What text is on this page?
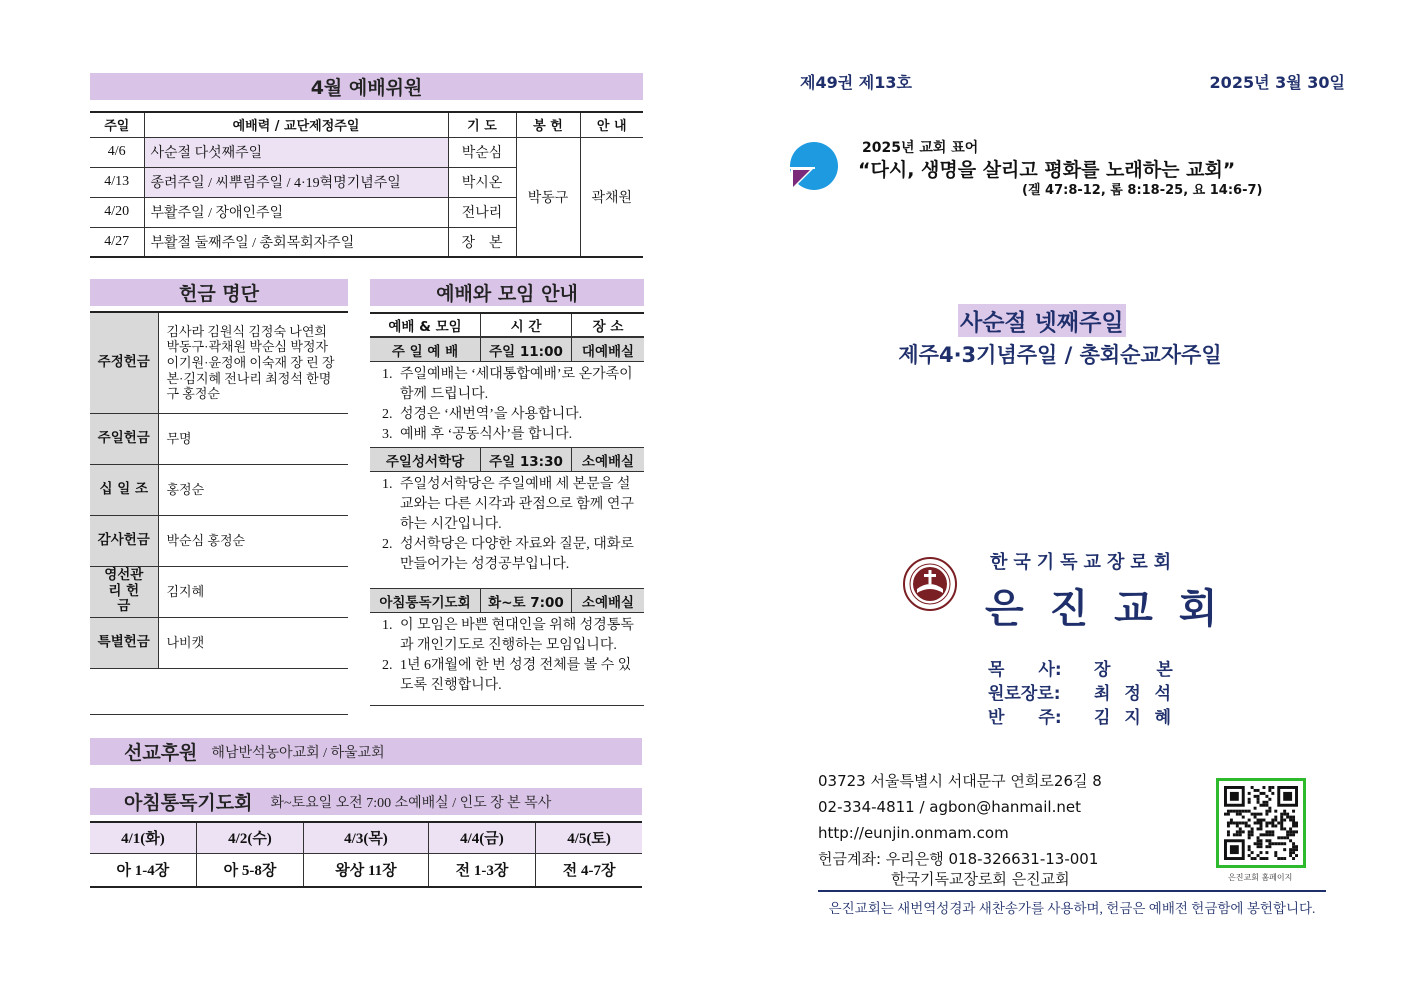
4월 예배위원
주일	예배력 / 교단제정주일	기 도	봉 헌	안 내
4/6	사순절 다섯째주일	박순심	박동구	곽채원
4/13	종려주일 / 씨뿌림주일 / 4·19혁명기념주일	박시온		
4/20	부활주일 / 장애인주일	전나리		
4/27	부활절 둘째주일 / 총회목회자주일	장　본		
헌금 명단
주정헌금	김사라 김원식 김정숙 나연희 박동구·곽채원 박순심 박정자 이기원·윤정애 이숙재 장 린 장 본·김지혜 전나리 최정석 한명구 홍정순
주일헌금	무명
십 일 조	홍정순
감사헌금	박순심 홍정순
영선관리 헌　금	김지혜
특별헌금	나비캣
예배와 모임 안내
예배 & 모임	시 간	장 소
주 일 예 배	주일 11:00	대예배실
1. 주일예배는 ‘세대통합예배’로 온가족이 함께 드립니다.
2. 성경은 ‘새번역’을 사용합니다.
3. 예배 후 ‘공동식사’를 합니다.
주일성서학당	주일 13:30	소예배실
1. 주일성서학당은 주일예배 세 본문을 설교와는 다른 시각과 관점으로 함께 연구하는 시간입니다.
2. 성서학당은 다양한 자료와 질문, 대화로 만들어가는 성경공부입니다.
아침통독기도회	화~토 7:00	소예배실
1. 이 모임은 바쁜 현대인을 위해 성경통독과 개인기도로 진행하는 모임입니다.
2. 1년 6개월에 한 번 성경 전체를 볼 수 있도록 진행합니다.
선교후원 해남반석농아교회 / 하울교회
아침통독기도회 화~토요일 오전 7:00 소예배실 / 인도 장 본 목사
4/1(화)	4/2(수)	4/3(목)	4/4(금)	4/5(토)
아 1-4장	아 5-8장	왕상 11장	전 1-3장	전 4-7장
제49권 제13호	2025년 3월 30일
2025년 교회 표어
“다시, 생명을 살리고 평화를 노래하는 교회”
(겔 47:8-12, 롬 8:18-25, 요 14:6-7)
사순절 넷째주일
제주4·3기념주일 / 총회순교자주일
한국기독교장로회
은 진 교 회
목　　사:	장　　본
원로장로:	최 정 석
반　　주:	김 지 혜
03723 서울특별시 서대문구 연희로26길 8
02-334-4811 / agbon@hanmail.net
http://eunjin.onmam.com
헌금계좌: 우리은행 018-326631-13-001
한국기독교장로회 은진교회	은진교회 홈페이지
은진교회는 새번역성경과 새찬송가를 사용하며, 헌금은 예배전 헌금함에 봉헌합니다.
